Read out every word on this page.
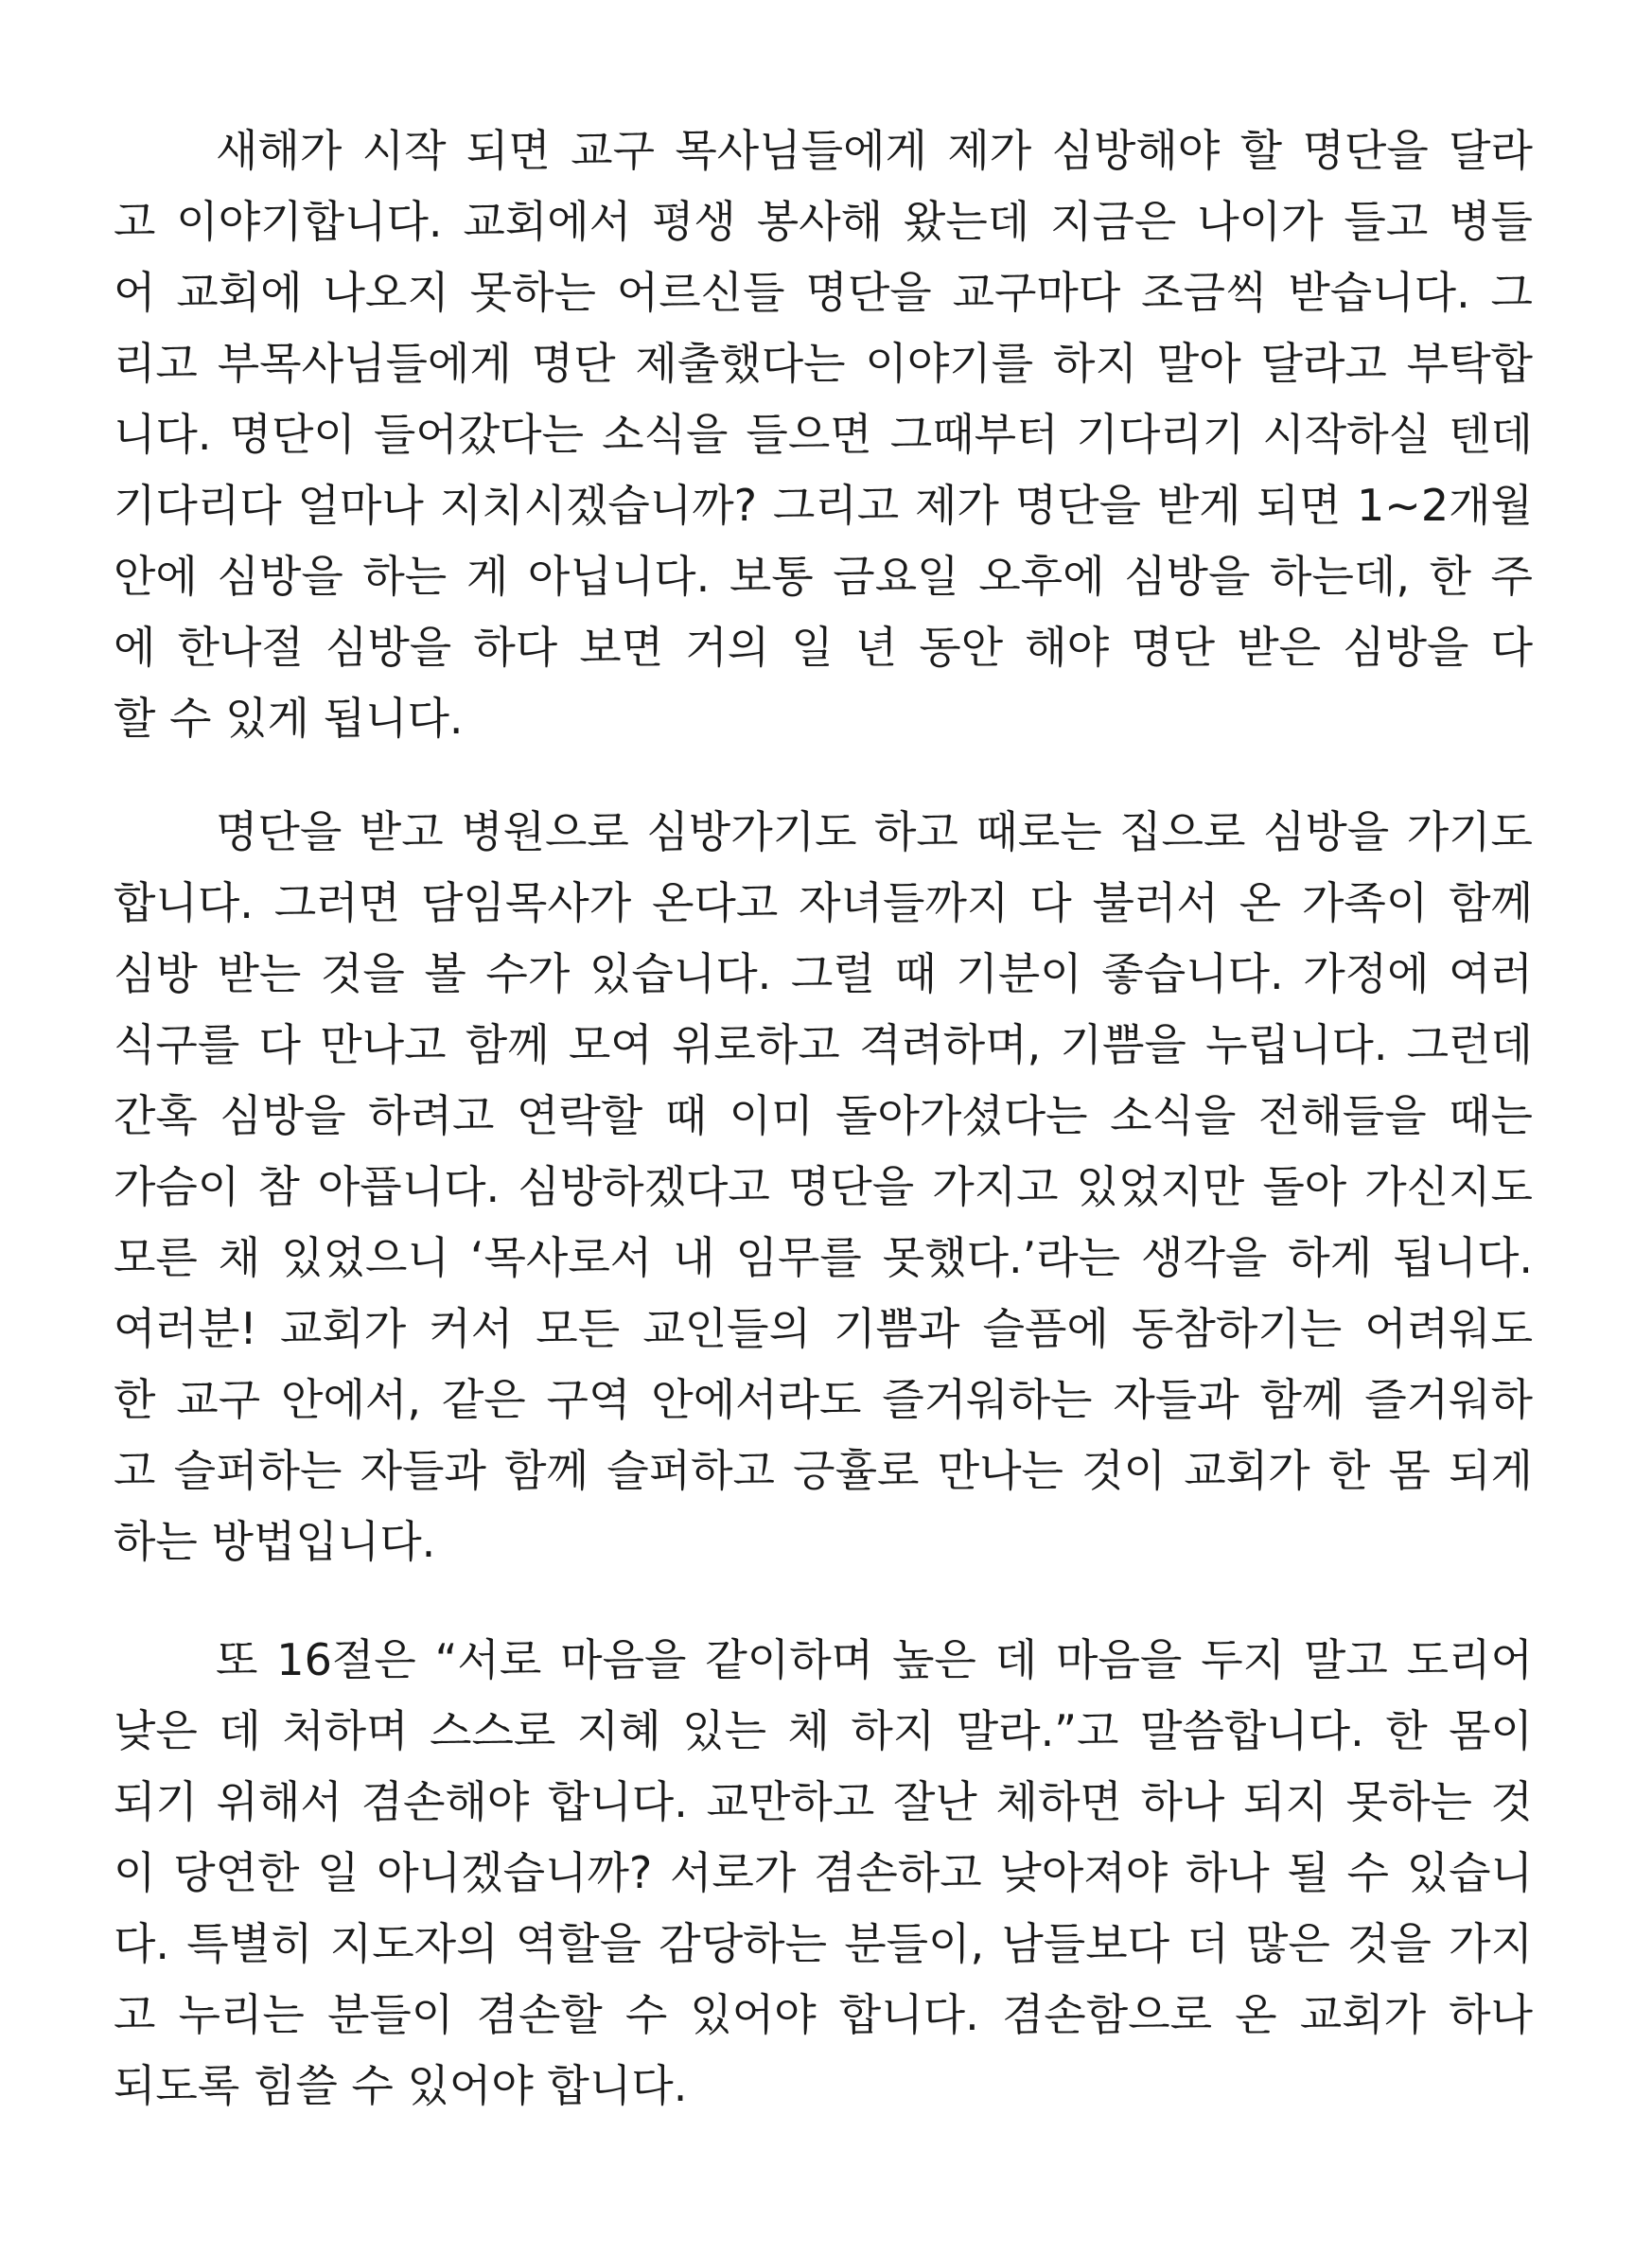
새해가 시작 되면 교구 목사님들에게 제가 심방해야 할 명단을 달라
고 이야기합니다. 교회에서 평생 봉사해 왔는데 지금은 나이가 들고 병들
어 교회에 나오지 못하는 어르신들 명단을 교구마다 조금씩 받습니다. 그
리고 부목사님들에게 명단 제출했다는 이야기를 하지 말아 달라고 부탁합
니다. 명단이 들어갔다는 소식을 들으면 그때부터 기다리기 시작하실 텐데
기다리다 얼마나 지치시겠습니까? 그리고 제가 명단을 받게 되면 1~2개월
안에 심방을 하는 게 아닙니다. 보통 금요일 오후에 심방을 하는데, 한 주
에 한나절 심방을 하다 보면 거의 일 년 동안 해야 명단 받은 심방을 다
할 수 있게 됩니다.
명단을 받고 병원으로 심방가기도 하고 때로는 집으로 심방을 가기도
합니다. 그러면 담임목사가 온다고 자녀들까지 다 불러서 온 가족이 함께
심방 받는 것을 볼 수가 있습니다. 그럴 때 기분이 좋습니다. 가정에 여러
식구를 다 만나고 함께 모여 위로하고 격려하며, 기쁨을 누립니다. 그런데
간혹 심방을 하려고 연락할 때 이미 돌아가셨다는 소식을 전해들을 때는
가슴이 참 아픕니다. 심방하겠다고 명단을 가지고 있었지만 돌아 가신지도
모른 채 있었으니 ‘목사로서 내 임무를 못했다.’라는 생각을 하게 됩니다.
여러분! 교회가 커서 모든 교인들의 기쁨과 슬픔에 동참하기는 어려워도
한 교구 안에서, 같은 구역 안에서라도 즐거워하는 자들과 함께 즐거워하
고 슬퍼하는 자들과 함께 슬퍼하고 긍휼로 만나는 것이 교회가 한 몸 되게
하는 방법입니다.
또 16절은 “서로 마음을 같이하며 높은 데 마음을 두지 말고 도리어
낮은 데 처하며 스스로 지혜 있는 체 하지 말라.”고 말씀합니다. 한 몸이
되기 위해서 겸손해야 합니다. 교만하고 잘난 체하면 하나 되지 못하는 것
이 당연한 일 아니겠습니까? 서로가 겸손하고 낮아져야 하나 될 수 있습니
다. 특별히 지도자의 역할을 감당하는 분들이, 남들보다 더 많은 것을 가지
고 누리는 분들이 겸손할 수 있어야 합니다. 겸손함으로 온 교회가 하나
되도록 힘쓸 수 있어야 합니다.
